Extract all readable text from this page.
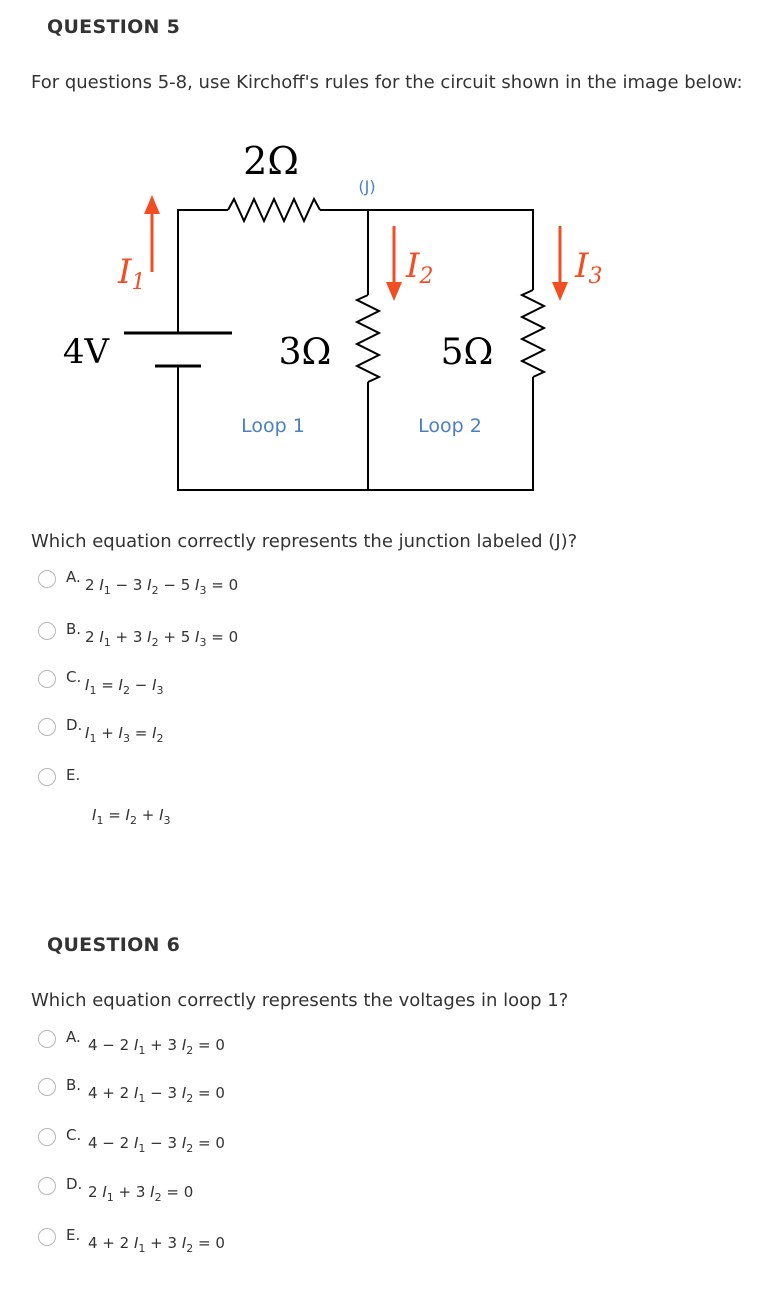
QUESTION 5
For questions 5-8, use Kirchoff's rules for the circuit shown in the image below:
2Ω
(J)
4V	3Ω	5Ω
I1	I2	I3
Loop 1	Loop 2
Which equation correctly represents the junction labeled (J)?
A. 2 $I_1 - 3$ $I_2 - 5$ $I_3 = 0$
B. 2 $I_1 + 3$ $I_2 + 5$ $I_3 = 0$
C. $I_1 = I_2 - I_3$
D. $I_1 + I_3 = I_2$
E.
$I_1 = I_2 + I_3$
QUESTION 6
Which equation correctly represents the voltages in loop 1?
A. 4 − 2 $I_1 + 3$ $I_2 = 0$
B. 4 + 2 $I_1 - 3$ $I_2 = 0$
C. 4 − 2 $I_1 - 3$ $I_2 = 0$
D. 2 $I_1 + 3$ $I_2 = 0$
E. 4 + 2 $I_1 + 3$ $I_2 = 0$
